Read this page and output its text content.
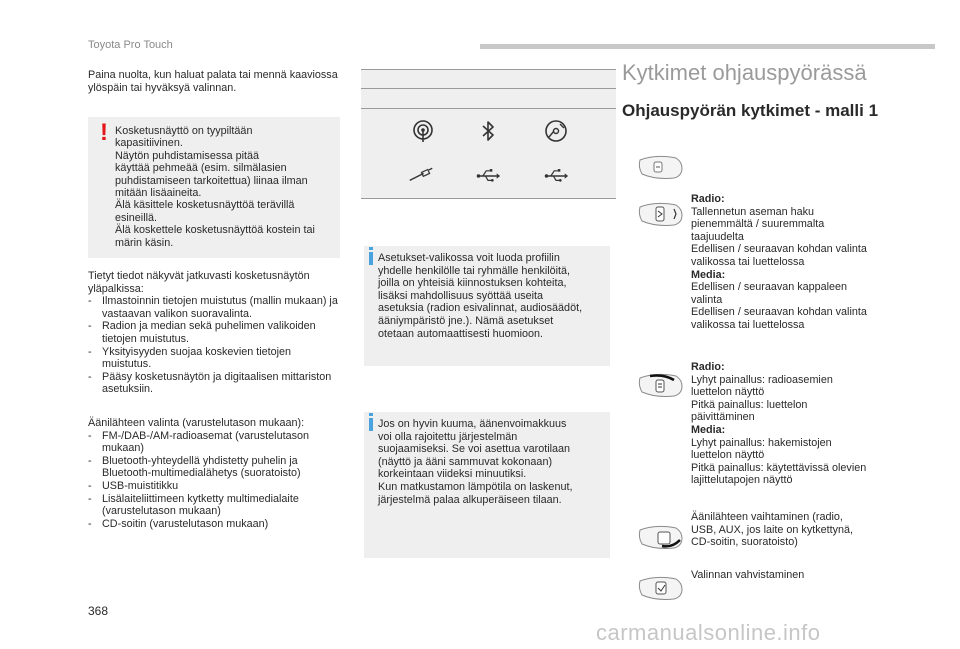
Toyota Pro Touch

Paina nuolta, kun haluat palata tai mennä kaaviossa ylöspäin tai hyväksyä valinnan.

! Kosketusnäyttö on tyypiltään
kapasitiivinen.
Näytön puhdistamisessa pitää
käyttää pehmeää (esim. silmälasien
puhdistamiseen tarkoitettua) liinaa ilman
mitään lisäaineita.
Älä käsittele kosketusnäyttöä terävillä
esineillä.
Älä koskettele kosketusnäyttöä kostein tai
märin käsin.

Tietyt tiedot näkyvät jatkuvasti kosketusnäytön yläpalkissa:

- Ilmastoinnin tietojen muistutus (mallin mukaan) ja vastaavan valikon suoravalinta.
- Radion ja median sekä puhelimen valikoiden tietojen muistutus.
- Yksityisyyden suojaa koskevien tietojen muistutus.
- Pääsy kosketusnäytön ja digitaalisen mittariston asetuksiin.

Äänilähteen valinta (varustelutason mukaan):

- FM-/DAB-/AM-radioasemat (varustelutason mukaan)
- Bluetooth-yhteydellä yhdistetty puhelin ja Bluetooth-multimedialähetys (suoratoisto)
- USB-muistitikku
- Lisälaiteliittimeen kytketty multimedialaite (varustelutason mukaan)
- CD-soitin (varustelutason mukaan)
Asetukset-valikossa voit luoda profiilin
yhdelle henkilölle tai ryhmälle henkilöitä,
joilla on yhteisiä kiinnostuksen kohteita,
lisäksi mahdollisuus syöttää useita
asetuksia (radion esivalinnat, audiosäädöt,
ääniympäristö jne.). Nämä asetukset
otetaan automaattisesti huomioon.
Jos on hyvin kuuma, äänenvoimakkuus
voi olla rajoitettu järjestelmän
suojaamiseksi. Se voi asettua varotilaan
(näyttö ja ääni sammuvat kokonaan)
korkeintaan viideksi minuutiksi.
Kun matkustamon lämpötila on laskenut,
järjestelmä palaa alkuperäiseen tilaan.
Kytkimet ohjauspyörässä
Ohjauspyörän kytkimet - malli 1
Radio:
Tallennetun aseman haku
pienemmältä / suuremmalta
taajuudelta
Edellisen / seuraavan kohdan valinta
valikossa tai luettelossa
Media:
Edellisen / seuraavan kappaleen
valinta
Edellisen / seuraavan kohdan valinta
valikossa tai luettelossa
Radio:
Lyhyt painallus: radioasemien
luettelon näyttö
Pitkä painallus: luettelon
päivittäminen
Media:
Lyhyt painallus: hakemistojen
luettelon näyttö
Pitkä painallus: käytettävissä olevien
lajittelutapojen näyttö
Äänilähteen vaihtaminen (radio,
USB, AUX, jos laite on kytkettynä,
CD-soitin, suoratoisto)
Valinnan vahvistaminen
368
carmanualsonline.info
